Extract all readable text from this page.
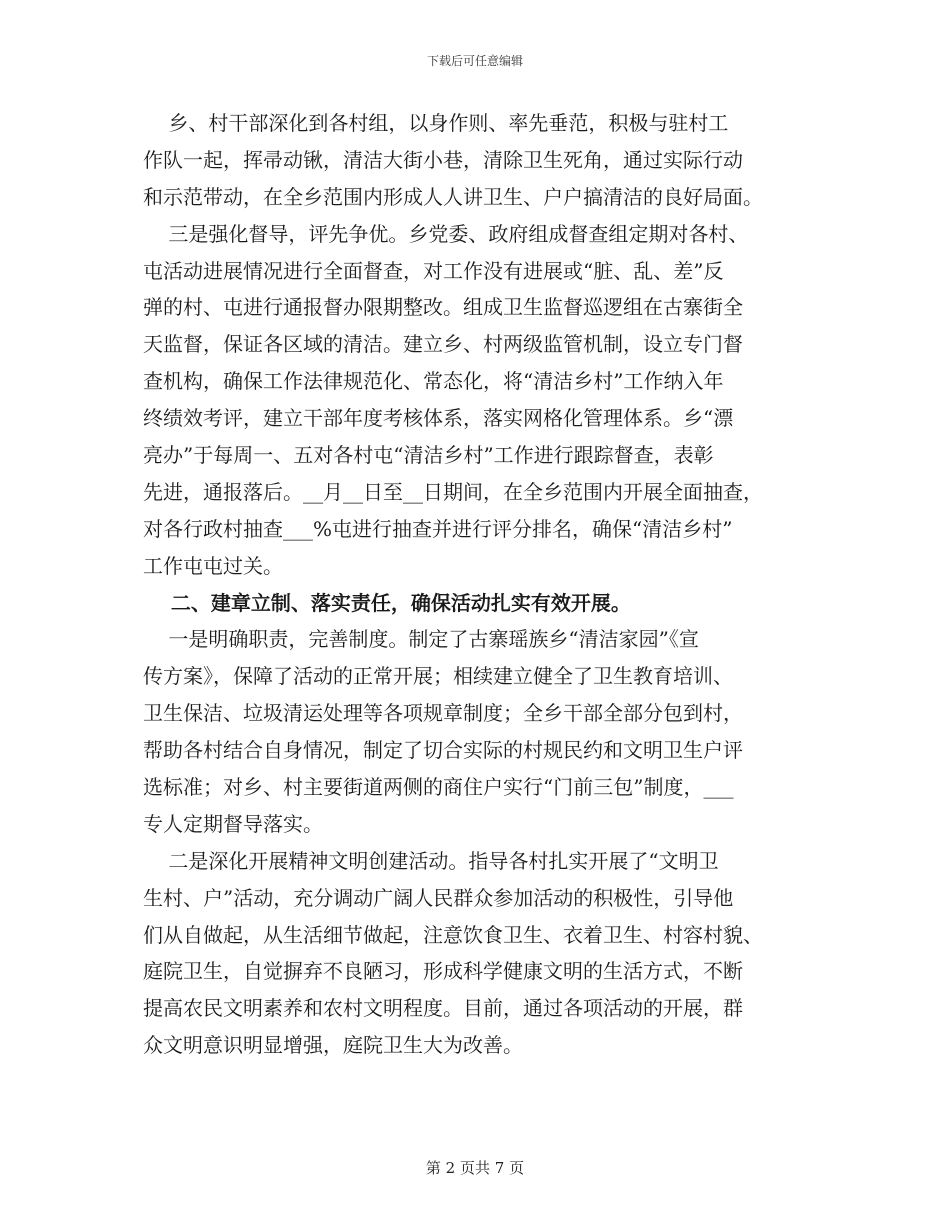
下载后可任意编辑
乡、村干部深化到各村组，以身作则、率先垂范，积极与驻村工
作队一起，挥帚动锹，清洁大街小巷，清除卫生死角，通过实际行动
和示范带动，在全乡范围内形成人人讲卫生、户户搞清洁的良好局面。
三是强化督导，评先争优。乡党委、政府组成督查组定期对各村、
屯活动进展情况进行全面督查，对工作没有进展或“脏、乱、差”反
弹的村、屯进行通报督办限期整改。组成卫生监督巡逻组在古寨街全
天监督，保证各区域的清洁。建立乡、村两级监管机制，设立专门督
查机构，确保工作法律规范化、常态化，将“清洁乡村”工作纳入年
终绩效考评，建立干部年度考核体系，落实网格化管理体系。乡“漂
亮办”于每周一、五对各村屯“清洁乡村”工作进行跟踪督查，表彰
先进，通报落后。__月__日至__日期间，在全乡范围内开展全面抽查，
对各行政村抽查___%屯进行抽查并进行评分排名，确保“清洁乡村”
工作屯屯过关。
二、建章立制、落实责任，确保活动扎实有效开展。
一是明确职责，完善制度。制定了古寨瑶族乡“清洁家园”《宣
传方案》，保障了活动的正常开展；相续建立健全了卫生教育培训、
卫生保洁、垃圾清运处理等各项规章制度；全乡干部全部分包到村，
帮助各村结合自身情况，制定了切合实际的村规民约和文明卫生户评
选标准；对乡、村主要街道两侧的商住户实行“门前三包”制度，___
专人定期督导落实。
二是深化开展精神文明创建活动。指导各村扎实开展了“文明卫
生村、户”活动，充分调动广阔人民群众参加活动的积极性，引导他
们从自做起，从生活细节做起，注意饮食卫生、衣着卫生、村容村貌、
庭院卫生，自觉摒弃不良陋习，形成科学健康文明的生活方式，不断
提高农民文明素养和农村文明程度。目前，通过各项活动的开展，群
众文明意识明显增强，庭院卫生大为改善。
第 2 页共 7 页
